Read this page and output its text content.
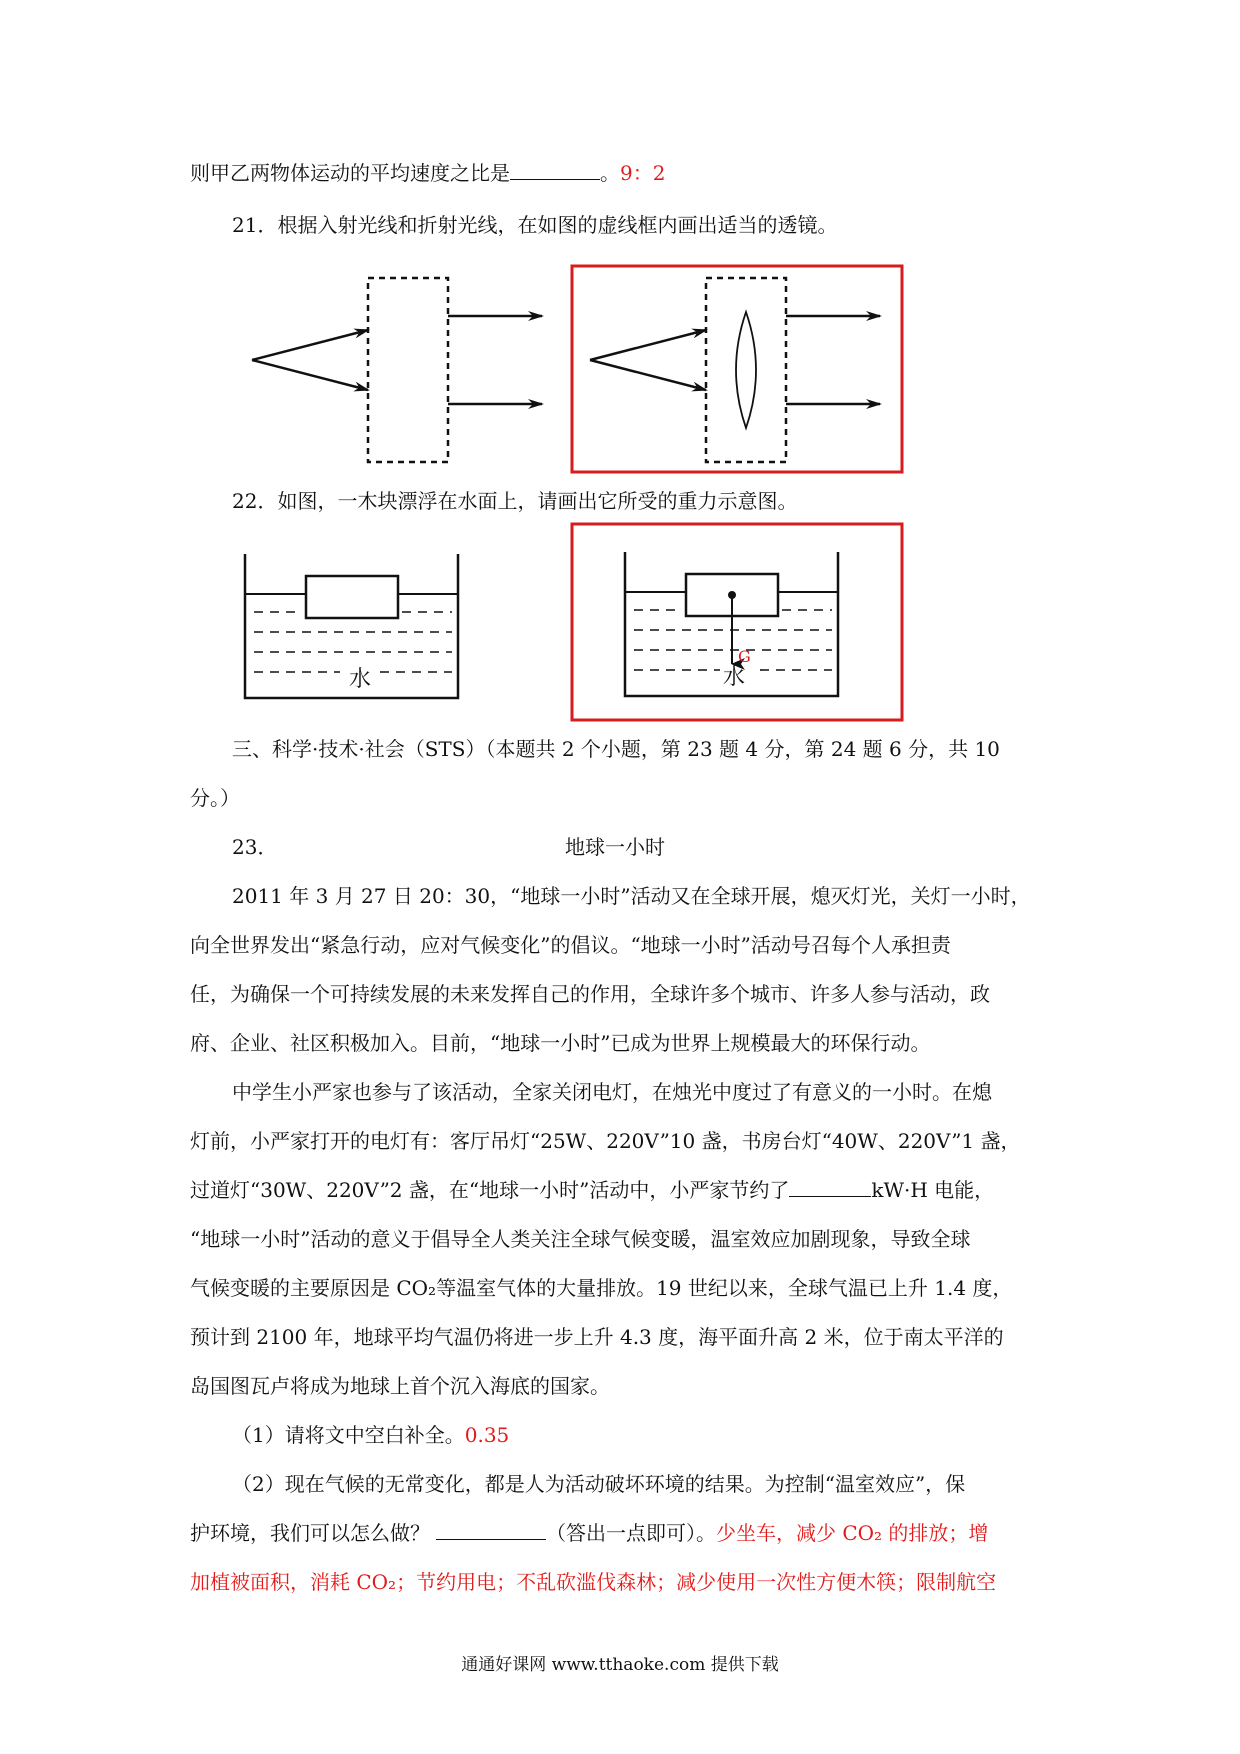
则甲乙两物体运动的平均速度之比是	。9：2
21．根据入射光线和折射光线，在如图的虚线框内画出适当的透镜。
22．如图，一木块漂浮在水面上，请画出它所受的重力示意图。
水
G
水
三、科学·技术·社会（STS）（本题共 2 个小题，第 23 题 4 分，第 24 题 6 分，共 10
分。）
23．	地球一小时
2011 年 3 月 27 日 20：30，“地球一小时”活动又在全球开展，熄灭灯光，关灯一小时，
向全世界发出“紧急行动，应对气候变化”的倡议。“地球一小时”活动号召每个人承担责
任，为确保一个可持续发展的未来发挥自己的作用，全球许多个城市、许多人参与活动，政
府、企业、社区积极加入。目前，“地球一小时”已成为世界上规模最大的环保行动。
中学生小严家也参与了该活动，全家关闭电灯，在烛光中度过了有意义的一小时。在熄
灯前，小严家打开的电灯有：客厅吊灯“25W、220V”10 盏，书房台灯“40W、220V”1 盏，
过道灯“30W、220V”2 盏，在“地球一小时”活动中，小严家节约了	kW·H 电能，
“地球一小时”活动的意义于倡导全人类关注全球气候变暖，温室效应加剧现象，导致全球
气候变暖的主要原因是 CO₂等温室气体的大量排放。19 世纪以来，全球气温已上升 1.4 度，
预计到 2100 年，地球平均气温仍将进一步上升 4.3 度，海平面升高 2 米，位于南太平洋的
岛国图瓦卢将成为地球上首个沉入海底的国家。
（1）请将文中空白补全。0.35
（2）现在气候的无常变化，都是人为活动破坏环境的结果。为控制“温室效应”，保
护环境，我们可以怎么做？	（答出一点即可）。少坐车，减少 CO₂ 的排放；增
加植被面积，消耗 CO₂；节约用电；不乱砍滥伐森林；减少使用一次性方便木筷；限制航空
通通好课网 www.tthaoke.com 提供下载
